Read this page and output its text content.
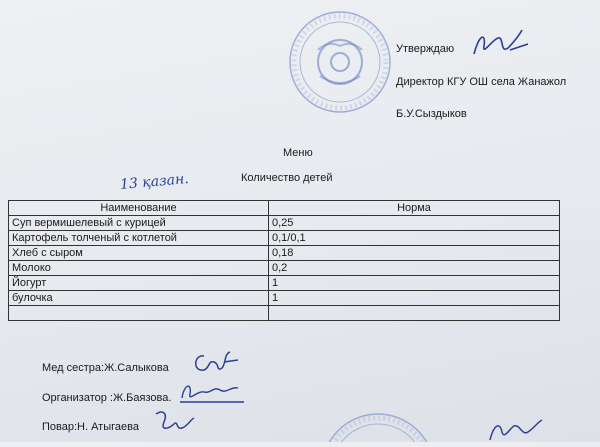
Утверждаю
Директор КГУ ОШ села Жанажол
Б.У.Сыздыков
Меню
13 қазан.	Количество детей
Наименование	Норма
Суп вермишелевый с курицей	0,25
Картофель толченый с котлетой	0,1/0,1
Хлеб с сыром	0,18
Молоко	0,2
Йогурт	1
булочка	1

Мед сестра:Ж.Салыкова
Организатор :Ж.Баязова.
Повар:Н. Атыгаева
